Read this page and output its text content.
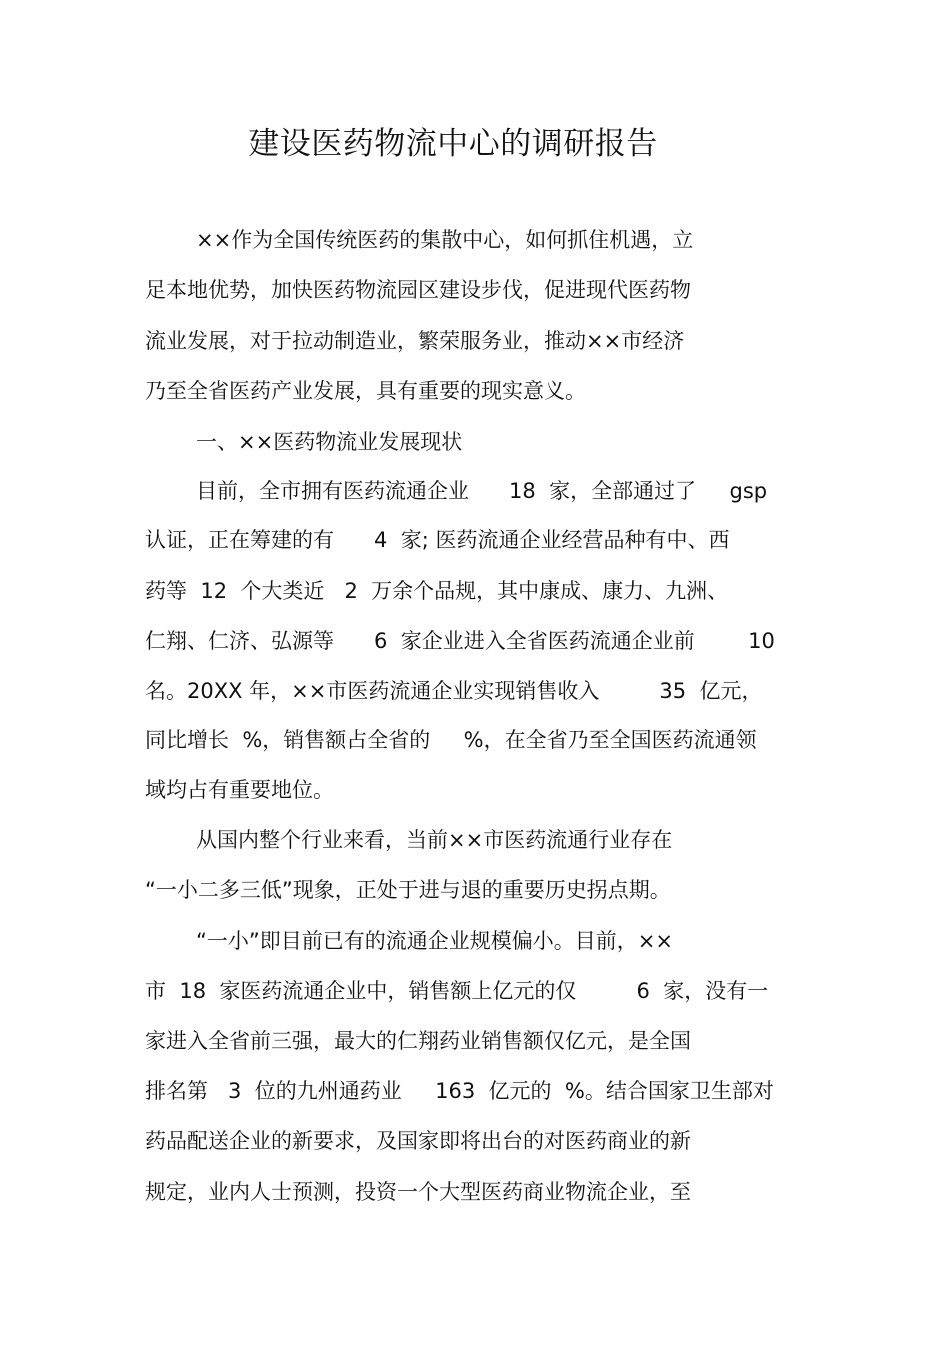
建设医药物流中心的调研报告
××作为全国传统医药的集散中心，如何抓住机遇，立
足本地优势，加快医药物流园区建设步伐，促进现代医药物
流业发展，对于拉动制造业，繁荣服务业，推动××市经济
乃至全省医药产业发展，具有重要的现实意义。
一、××医药物流业发展现状
目前，全市拥有医药流通企业      18  家，全部通过了     gsp
认证，正在筹建的有      4  家; 医药流通企业经营品种有中、西
药等  12  个大类近   2  万余个品规，其中康成、康力、九洲、
仁翔、仁济、弘源等      6  家企业进入全省医药流通企业前        10
名。20XX 年，××市医药流通企业实现销售收入         35  亿元，
同比增长  %，销售额占全省的     %，在全省乃至全国医药流通领
域均占有重要地位。
从国内整个行业来看，当前××市医药流通行业存在
“一小二多三低”现象，正处于进与退的重要历史拐点期。
“一小”即目前已有的流通企业规模偏小。目前，××
市  18  家医药流通企业中，销售额上亿元的仅         6  家，没有一
家进入全省前三强，最大的仁翔药业销售额仅亿元，是全国
排名第   3  位的九州通药业     163  亿元的  %。结合国家卫生部对
药品配送企业的新要求，及国家即将出台的对医药商业的新
规定，业内人士预测，投资一个大型医药商业物流企业，至
